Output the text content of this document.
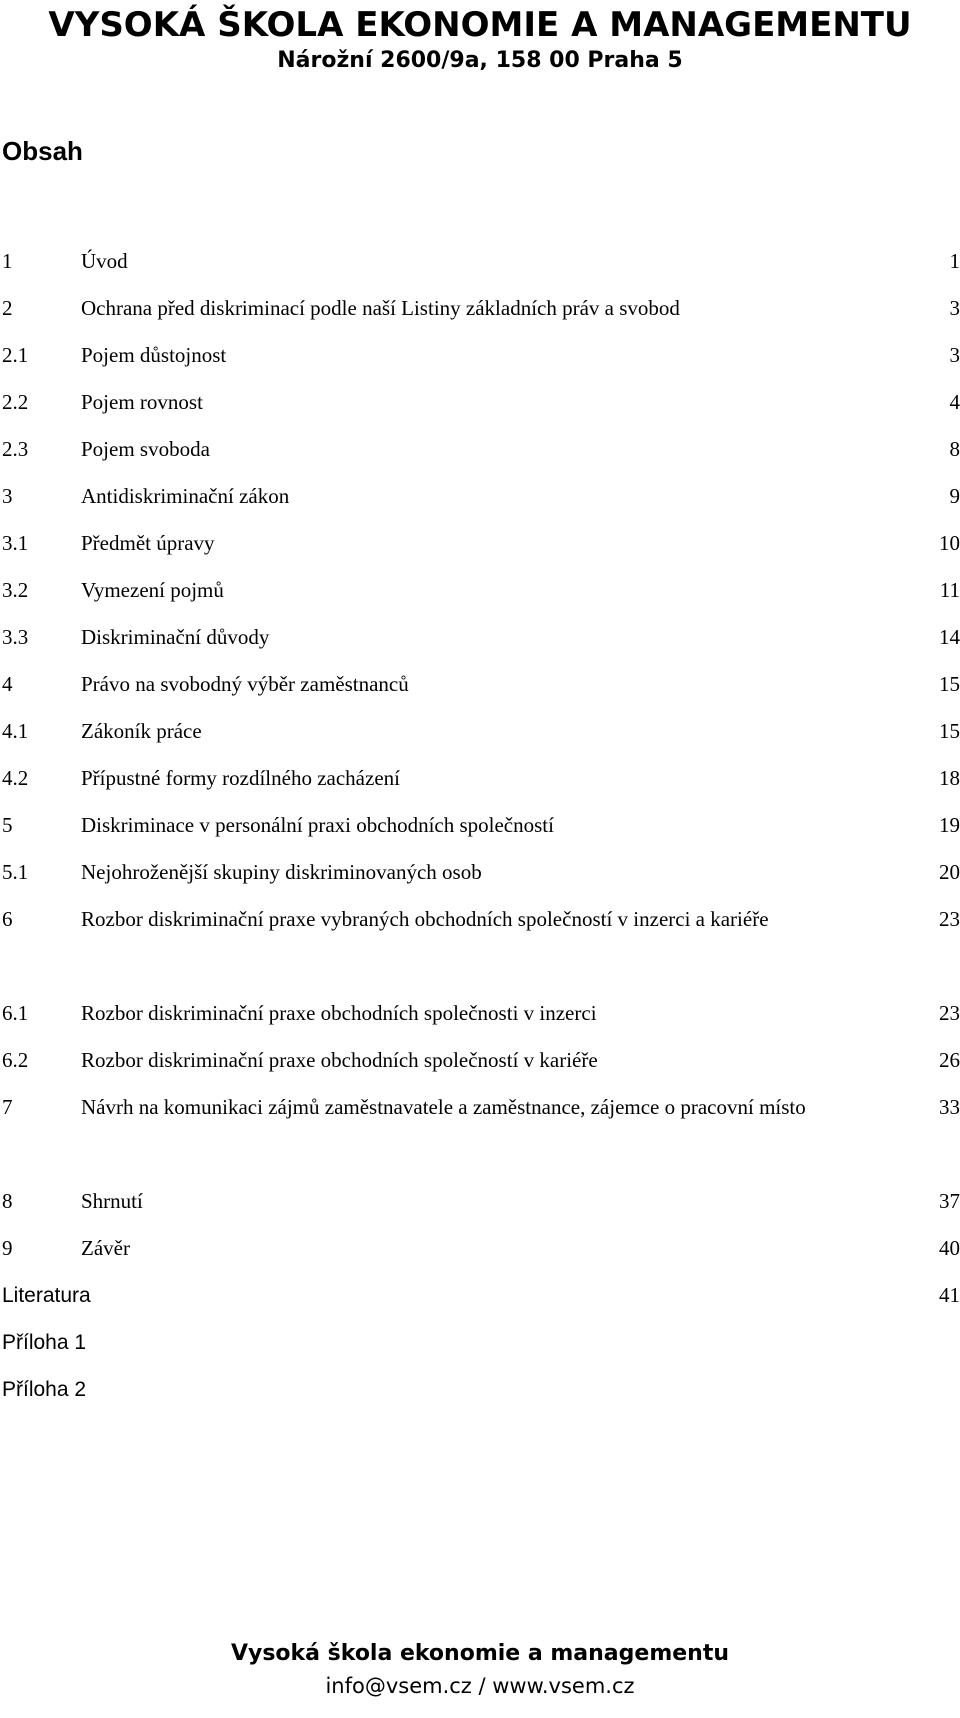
VYSOKÁ ŠKOLA EKONOMIE A MANAGEMENTU
Nárožní 2600/9a, 158 00 Praha 5
Obsah
1	Úvod	1
2	Ochrana před diskriminací podle naší Listiny základních práv a svobod	3
2.1	Pojem důstojnost	3
2.2	Pojem rovnost	4
2.3	Pojem svoboda	8
3	Antidiskriminační zákon	9
3.1	Předmět úpravy	10
3.2	Vymezení pojmů	11
3.3	Diskriminační důvody	14
4	Právo na svobodný výběr zaměstnanců	15
4.1	Zákoník práce	15
4.2	Přípustné formy rozdílného zacházení	18
5	Diskriminace v personální praxi obchodních společností	19
5.1	Nejohroženější skupiny diskriminovaných osob	20
6	Rozbor diskriminační praxe vybraných obchodních společností v inzerci a kariéře	23
6.1	Rozbor diskriminační praxe obchodních společnosti v inzerci	23
6.2	Rozbor diskriminační praxe obchodních společností v kariéře	26
7	Návrh na komunikaci zájmů zaměstnavatele a zaměstnance, zájemce o pracovní místo	33
8	Shrnutí	37
9	Závěr	40
Literatura	41
Příloha 1
Příloha 2
Vysoká škola ekonomie a managementu
info@vsem.cz / www.vsem.cz
